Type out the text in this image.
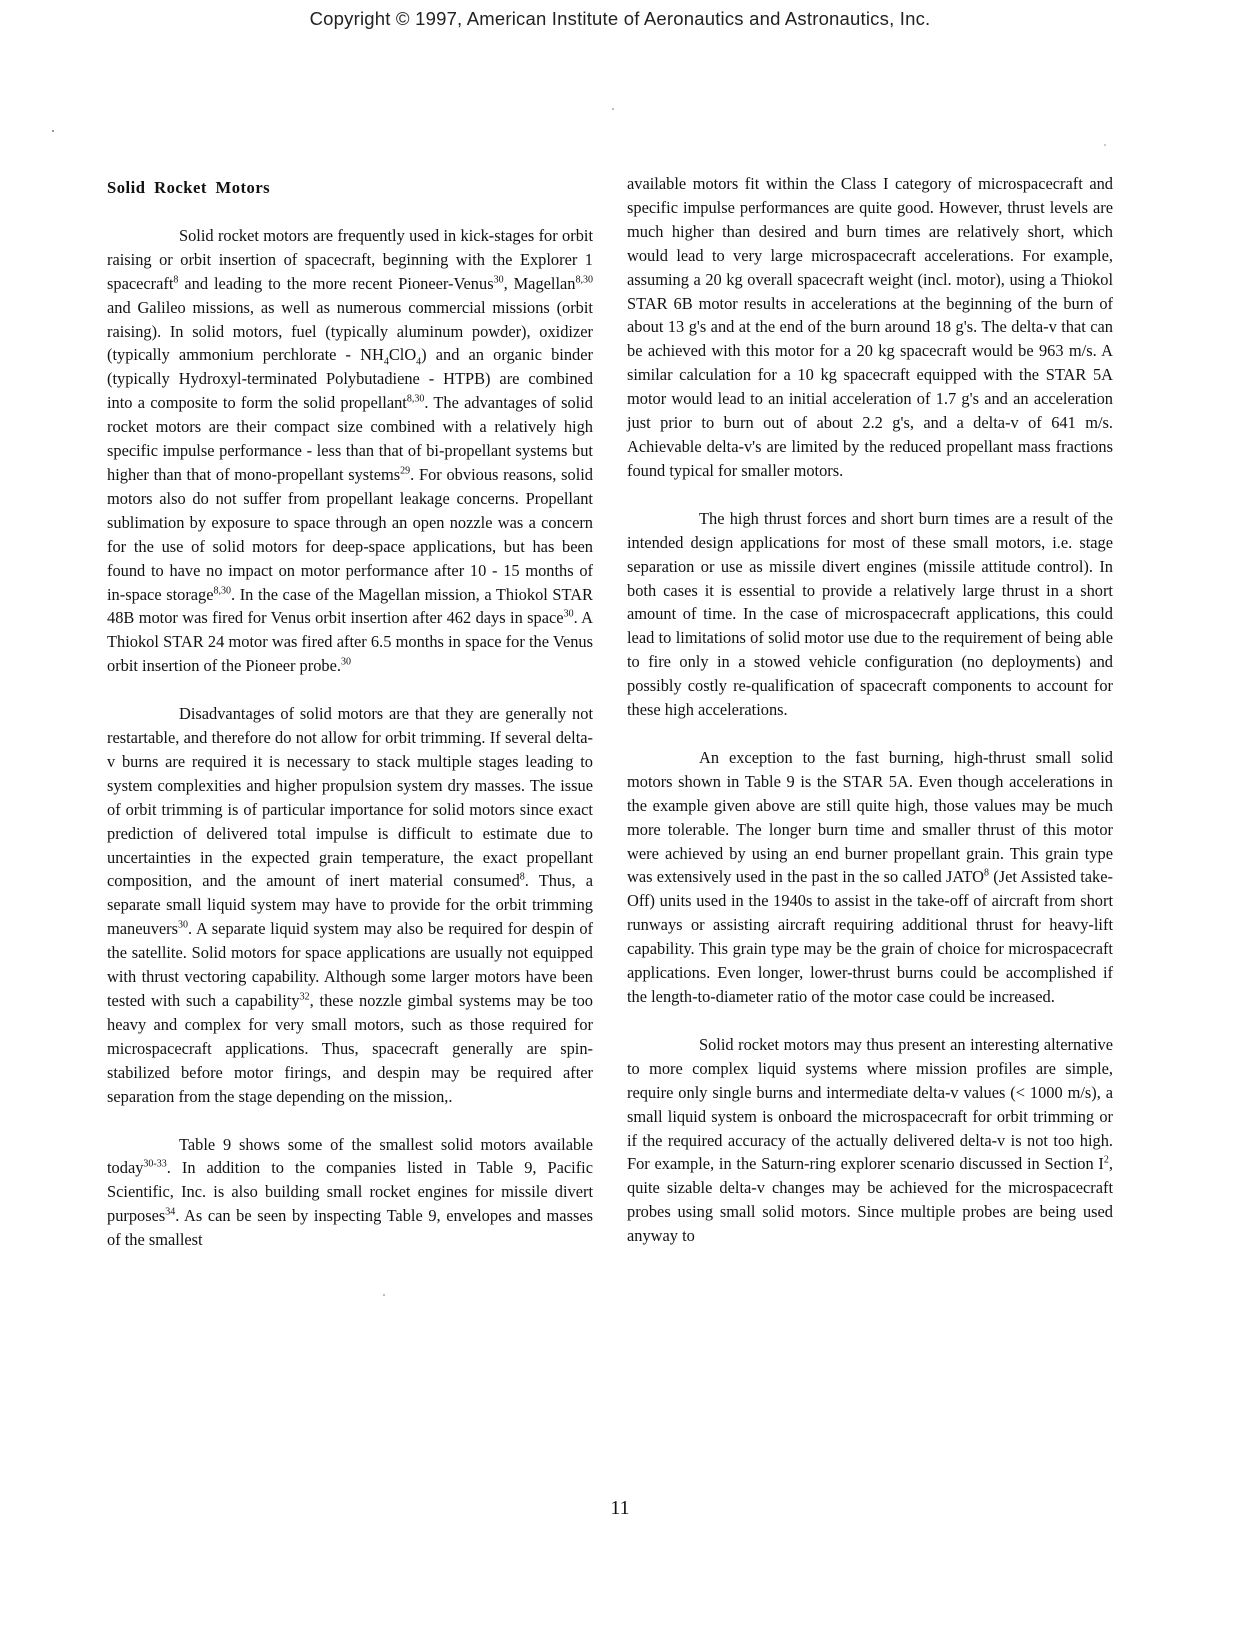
Copyright © 1997, American Institute of Aeronautics and Astronautics, Inc.
Solid Rocket Motors

Solid rocket motors are frequently used in kick-stages for orbit raising or orbit insertion of spacecraft, beginning with the Explorer 1 spacecraft$^8$ and leading to the more recent Pioneer-Venus$^{30}$, Magellan$^{8,30}$ and Galileo missions, as well as numerous commercial missions (orbit raising). In solid motors, fuel (typically aluminum powder), oxidizer (typically ammonium perchlorate - $NH_4ClO_4$) and an organic binder (typically Hydroxyl-terminated Polybutadiene - HTPB) are combined into a composite to form the solid propellant$^{8,30}$. The advantages of solid rocket motors are their compact size combined with a relatively high specific impulse performance - less than that of bi-propellant systems but higher than that of mono-propellant systems$^{29}$. For obvious reasons, solid motors also do not suffer from propellant leakage concerns. Propellant sublimation by exposure to space through an open nozzle was a concern for the use of solid motors for deep-space applications, but has been found to have no impact on motor performance after 10 - 15 months of in-space storage$^{8,30}$. In the case of the Magellan mission, a Thiokol STAR 48B motor was fired for Venus orbit insertion after 462 days in space$^{30}$. A Thiokol STAR 24 motor was fired after 6.5 months in space for the Venus orbit insertion of the Pioneer probe.$^{30}$

Disadvantages of solid motors are that they are generally not restartable, and therefore do not allow for orbit trimming. If several delta-v burns are required it is necessary to stack multiple stages leading to system complexities and higher propulsion system dry masses. The issue of orbit trimming is of particular importance for solid motors since exact prediction of delivered total impulse is difficult to estimate due to uncertainties in the expected grain temperature, the exact propellant composition, and the amount of inert material consumed$^8$. Thus, a separate small liquid system may have to provide for the orbit trimming maneuvers$^{30}$. A separate liquid system may also be required for despin of the satellite. Solid motors for space applications are usually not equipped with thrust vectoring capability. Although some larger motors have been tested with such a capability$^{32}$, these nozzle gimbal systems may be too heavy and complex for very small motors, such as those required for microspacecraft applications. Thus, spacecraft generally are spin-stabilized before motor firings, and despin may be required after separation from the stage depending on the mission,.

Table 9 shows some of the smallest solid motors available today$^{30-33}$. In addition to the companies listed in Table 9, Pacific Scientific, Inc. is also building small rocket engines for missile divert purposes$^{34}$. As can be seen by inspecting Table 9, envelopes and masses of the smallest

available motors fit within the Class I category of microspacecraft and specific impulse performances are quite good. However, thrust levels are much higher than desired and burn times are relatively short, which would lead to very large microspacecraft accelerations. For example, assuming a 20 kg overall spacecraft weight (incl. motor), using a Thiokol STAR 6B motor results in accelerations at the beginning of the burn of about 13 g's and at the end of the burn around 18 g's. The delta-v that can be achieved with this motor for a 20 kg spacecraft would be 963 m/s. A similar calculation for a 10 kg spacecraft equipped with the STAR 5A motor would lead to an initial acceleration of 1.7 g's and an acceleration just prior to burn out of about 2.2 g's, and a delta-v of 641 m/s. Achievable delta-v's are limited by the reduced propellant mass fractions found typical for smaller motors.

The high thrust forces and short burn times are a result of the intended design applications for most of these small motors, i.e. stage separation or use as missile divert engines (missile attitude control). In both cases it is essential to provide a relatively large thrust in a short amount of time. In the case of microspacecraft applications, this could lead to limitations of solid motor use due to the requirement of being able to fire only in a stowed vehicle configuration (no deployments) and possibly costly re-qualification of spacecraft components to account for these high accelerations.

An exception to the fast burning, high-thrust small solid motors shown in Table 9 is the STAR 5A. Even though accelerations in the example given above are still quite high, those values may be much more tolerable. The longer burn time and smaller thrust of this motor were achieved by using an end burner propellant grain. This grain type was extensively used in the past in the so called JATO$^8$ (Jet Assisted take-Off) units used in the 1940s to assist in the take-off of aircraft from short runways or assisting aircraft requiring additional thrust for heavy-lift capability. This grain type may be the grain of choice for microspacecraft applications. Even longer, lower-thrust burns could be accomplished if the length-to-diameter ratio of the motor case could be increased.

Solid rocket motors may thus present an interesting alternative to more complex liquid systems where mission profiles are simple, require only single burns and intermediate delta-v values (< 1000 m/s), a small liquid system is onboard the microspacecraft for orbit trimming or if the required accuracy of the actually delivered delta-v is not too high. For example, in the Saturn-ring explorer scenario discussed in Section $I^2$, quite sizable delta-v changes may be achieved for the microspacecraft probes using small solid motors. Since multiple probes are being used anyway to

11
